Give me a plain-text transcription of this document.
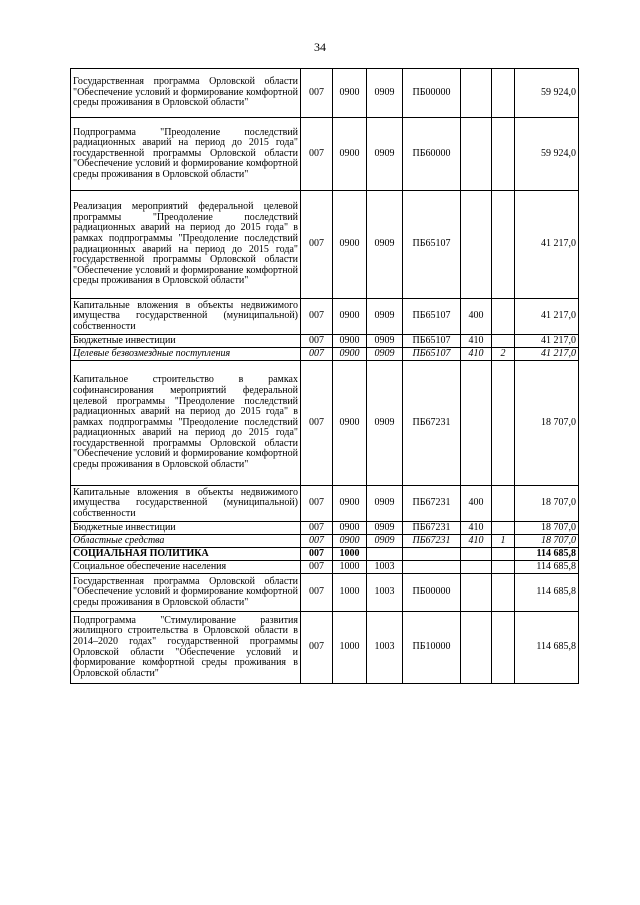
34
Государственная программа Орловской области "Обеспечение условий и формирование комфортной среды проживания в Орловской области"	007	0900	0909	ПБ00000			59 924,0
Подпрограмма "Преодоление последствий радиационных аварий на период до 2015 года" государственной программы Орловской области "Обеспечение условий и формирование комфортной среды проживания в Орловской области"	007	0900	0909	ПБ60000			59 924,0
Реализация мероприятий федеральной целевой программы "Преодоление последствий радиационных аварий на период до 2015 года" в рамках подпрограммы "Преодоление последствий радиационных аварий на период до 2015 года" государственной программы Орловской области "Обеспечение условий и формирование комфортной среды проживания в Орловской области"	007	0900	0909	ПБ65107			41 217,0
Капитальные вложения в объекты недвижимого имущества государственной (муниципальной) собственности	007	0900	0909	ПБ65107	400		41 217,0
Бюджетные инвестиции	007	0900	0909	ПБ65107	410		41 217,0
Целевые безвозмездные поступления	007	0900	0909	ПБ65107	410	2	41 217,0
Капитальное строительство в рамках софинансирования мероприятий федеральной целевой программы "Преодоление последствий радиационных аварий на период до 2015 года" в рамках подпрограммы "Преодоление последствий радиационных аварий на период до 2015 года" государственной программы Орловской области "Обеспечение условий и формирование комфортной среды проживания в Орловской области"	007	0900	0909	ПБ67231			18 707,0
Капитальные вложения в объекты недвижимого имущества государственной (муниципальной) собственности	007	0900	0909	ПБ67231	400		18 707,0
Бюджетные инвестиции	007	0900	0909	ПБ67231	410		18 707,0
Областные средства	007	0900	0909	ПБ67231	410	1	18 707,0
СОЦИАЛЬНАЯ ПОЛИТИКА	007	1000					114 685,8
Социальное обеспечение населения	007	1000	1003				114 685,8
Государственная программа Орловской области "Обеспечение условий и формирование комфортной среды проживания в Орловской области"	007	1000	1003	ПБ00000			114 685,8
Подпрограмма "Стимулирование развития жилищного строительства в Орловской области в 2014–2020 годах" государственной программы Орловской области "Обеспечение условий и формирование комфортной среды проживания в Орловской области"	007	1000	1003	ПБ10000			114 685,8
